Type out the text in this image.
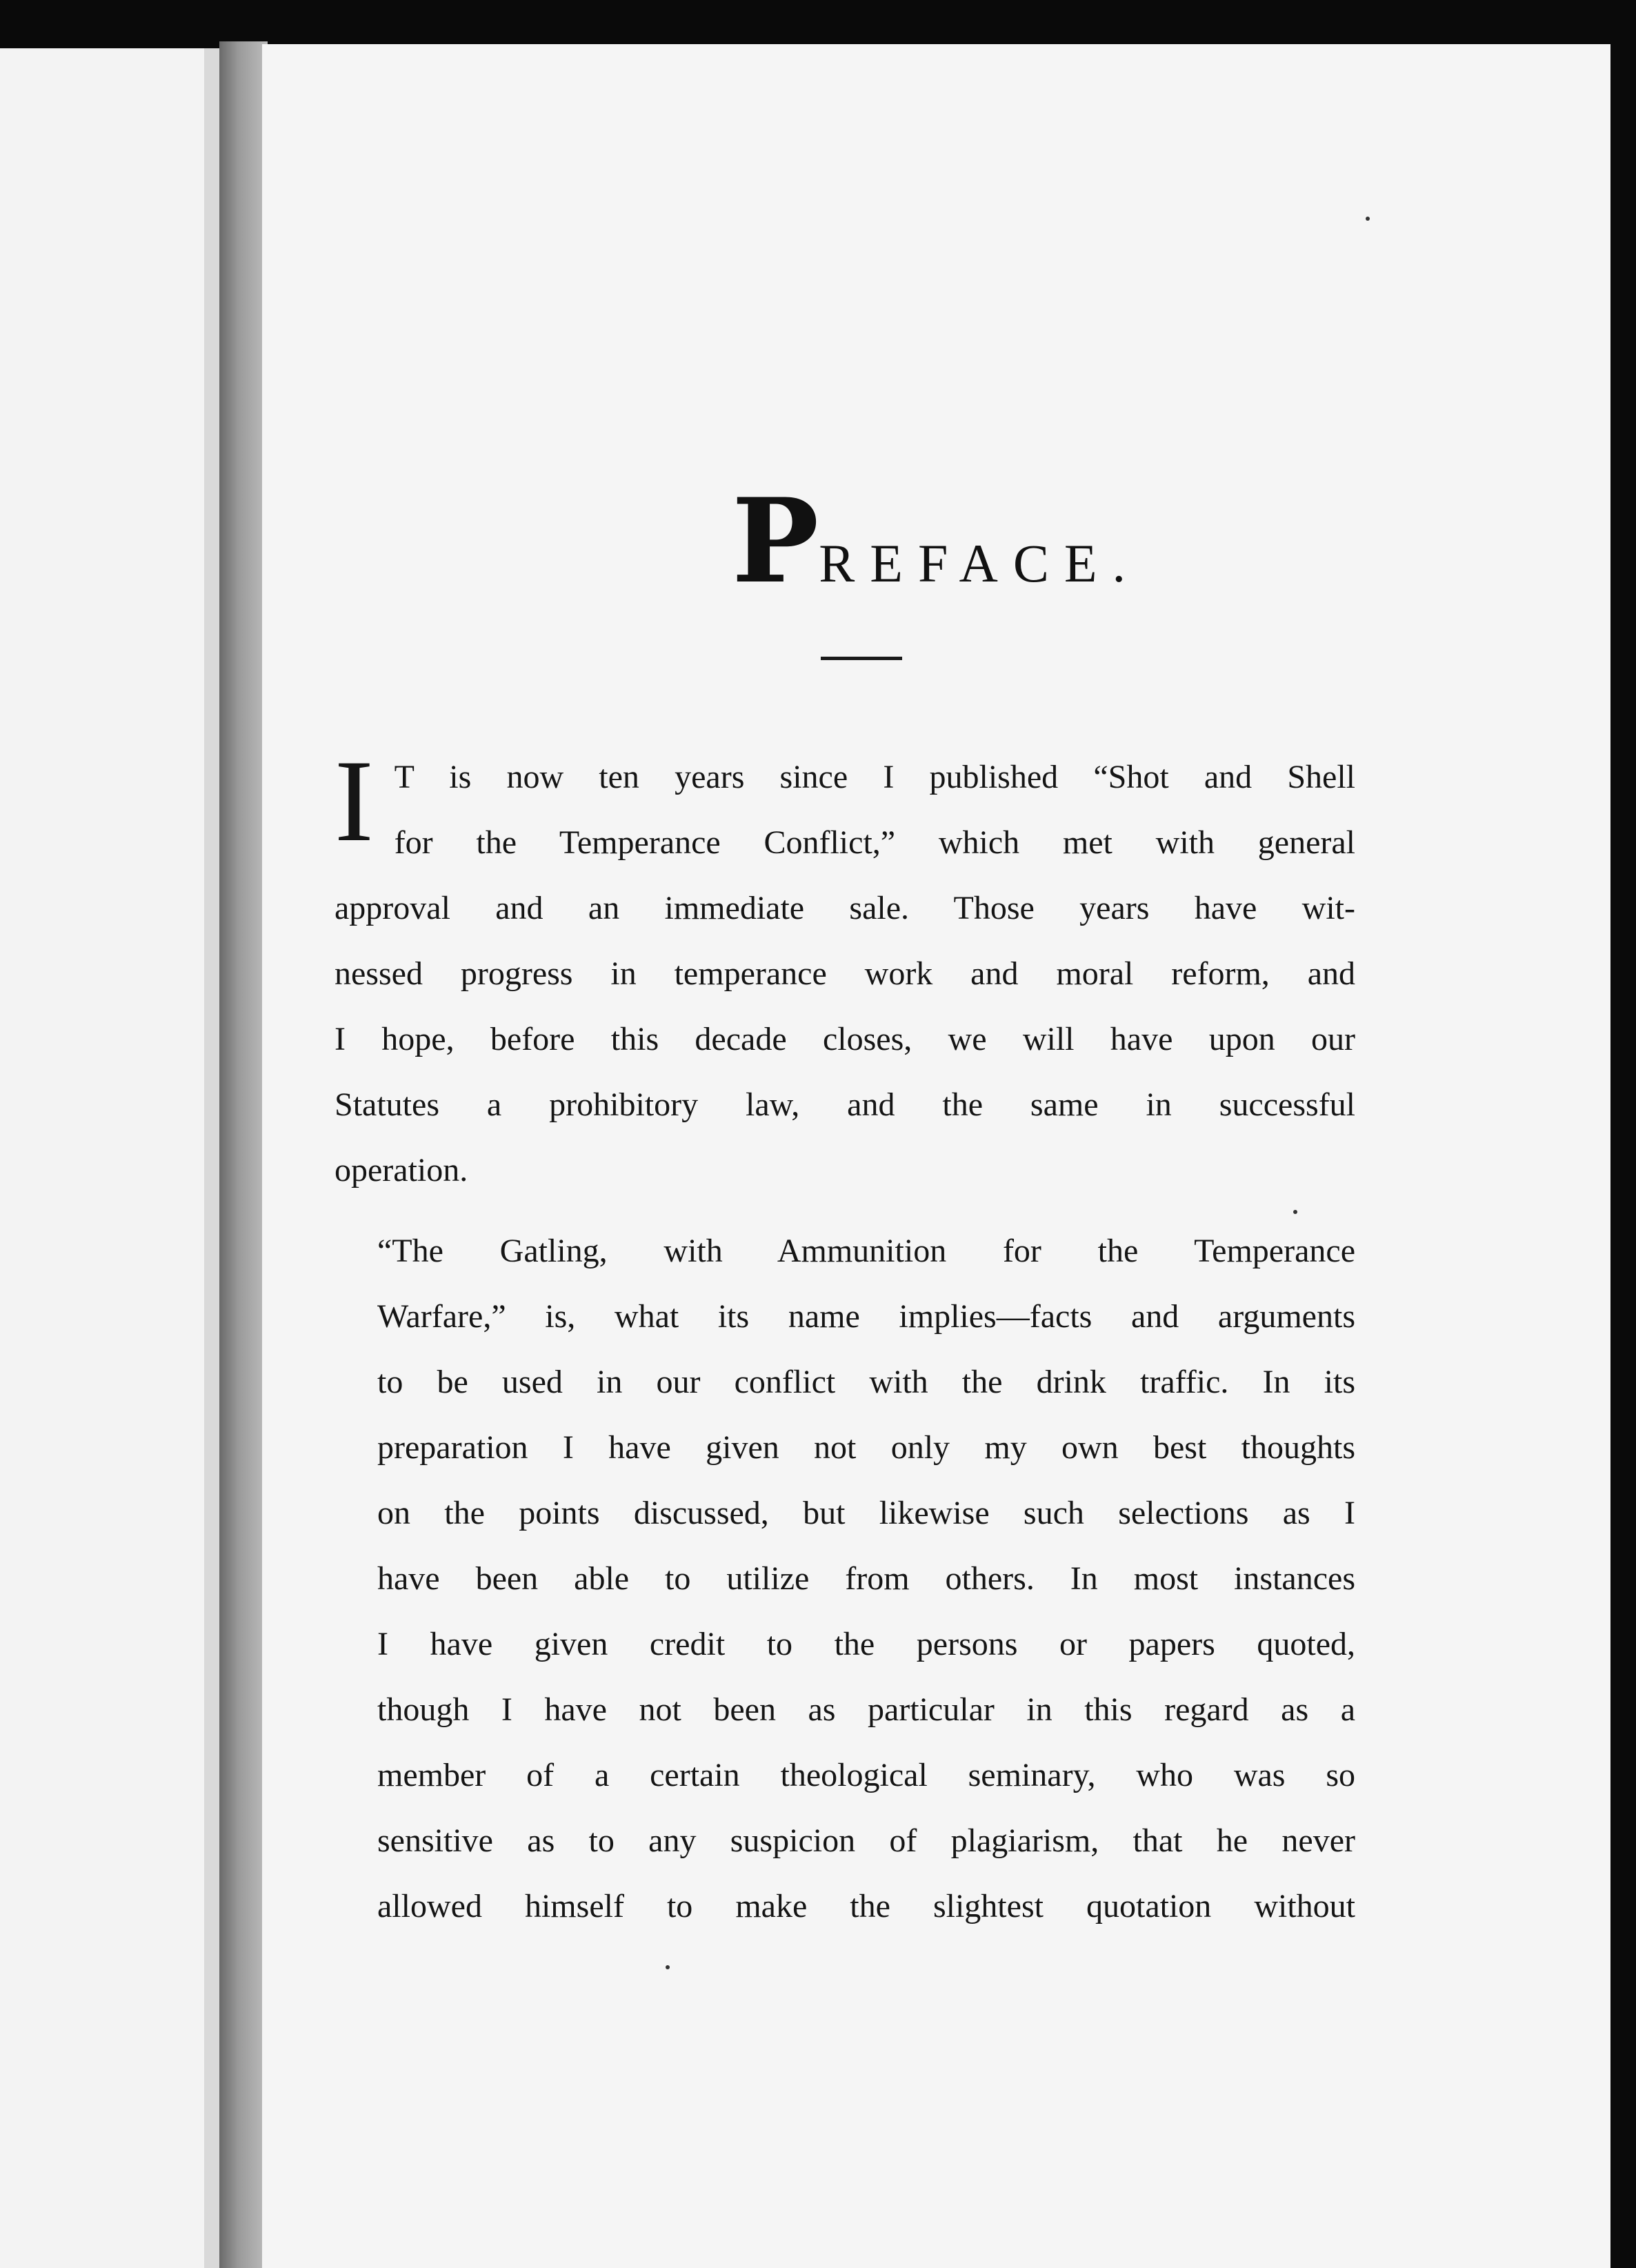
PREFACE.
I T is now ten years since I published “Shot and Shell
for the Temperance Conflict,” which met with general
approval and an immediate sale. Those years have wit-
nessed progress in temperance work and moral reform, and
I hope, before this decade closes, we will have upon our
Statutes a prohibitory law, and the same in successful
operation.
“The Gatling, with Ammunition for the Temperance
Warfare,” is, what its name implies—facts and arguments
to be used in our conflict with the drink traffic. In its
preparation I have given not only my own best thoughts
on the points discussed, but likewise such selections as I
have been able to utilize from others. In most instances
I have given credit to the persons or papers quoted,
though I have not been as particular in this regard as a
member of a certain theological seminary, who was so
sensitive as to any suspicion of plagiarism, that he never
allowed himself to make the slightest quotation without
